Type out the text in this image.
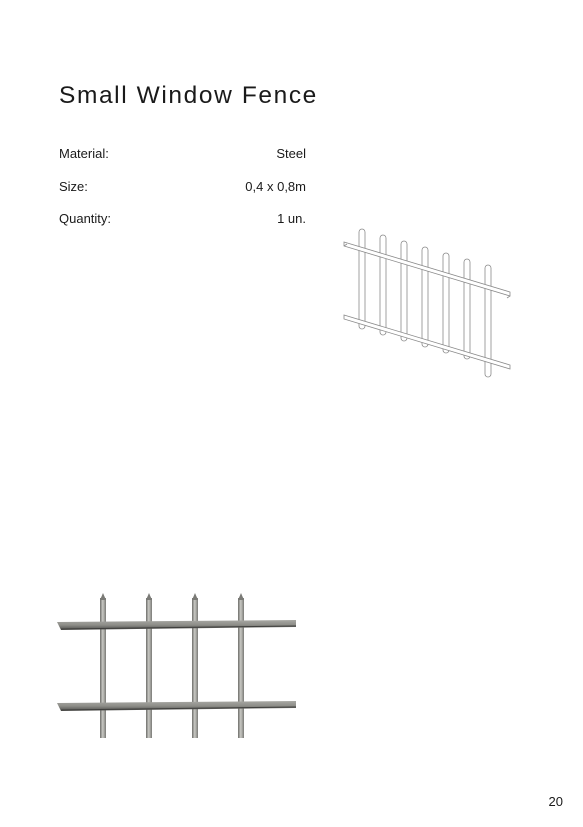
Small Window Fence
Material:	Steel
Size:	0,4 x 0,8m
Quantity:	1 un.
20
